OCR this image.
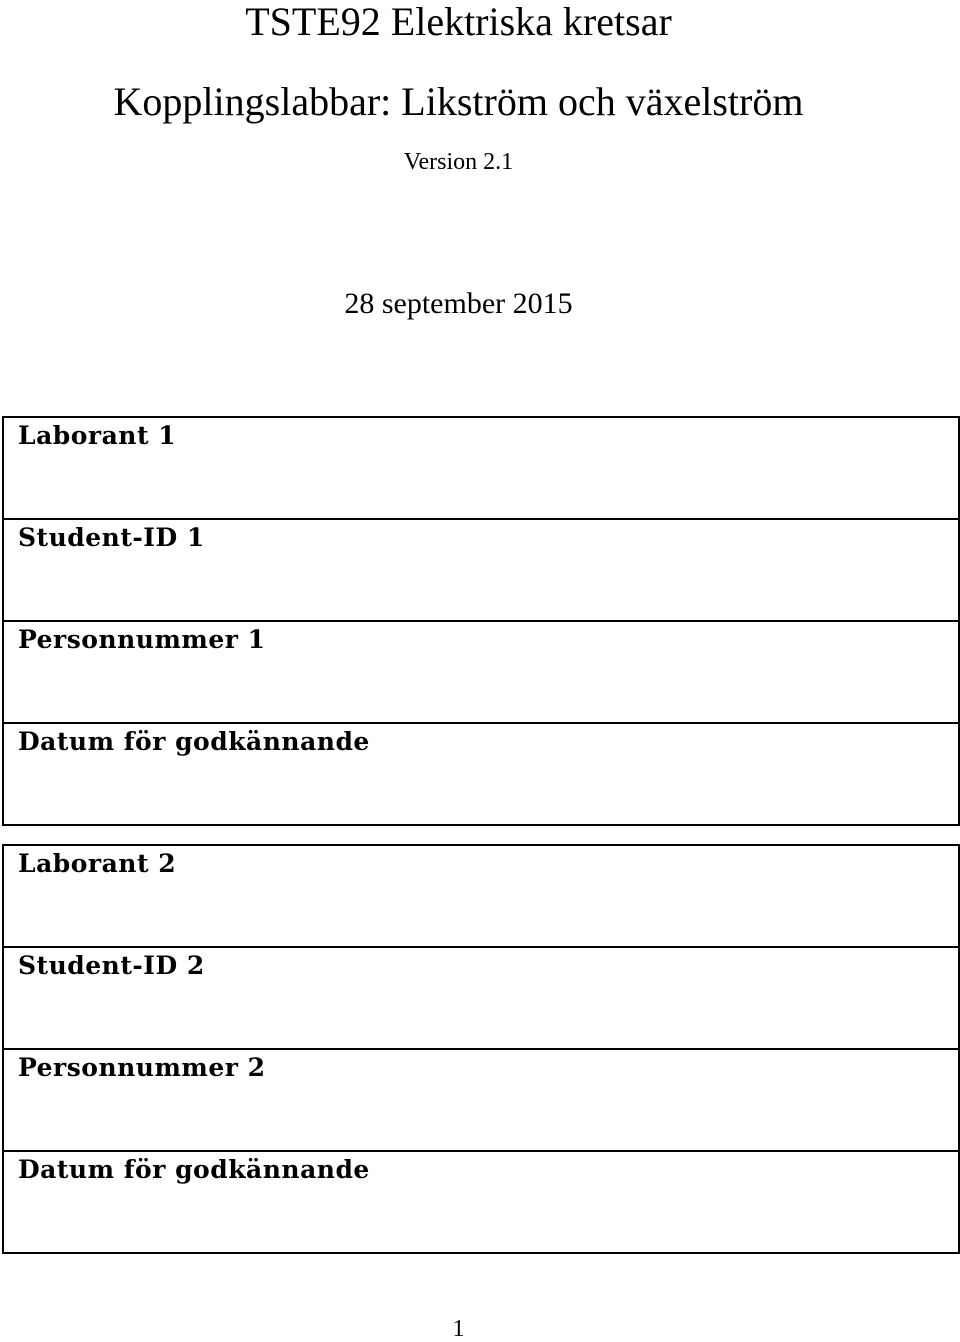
TSTE92 Elektriska kretsar
Kopplingslabbar: Likström och växelström
Version 2.1
28 september 2015
Laborant 1
Student-ID 1
Personnummer 1
Datum för godkännande
Laborant 2
Student-ID 2
Personnummer 2
Datum för godkännande
1
